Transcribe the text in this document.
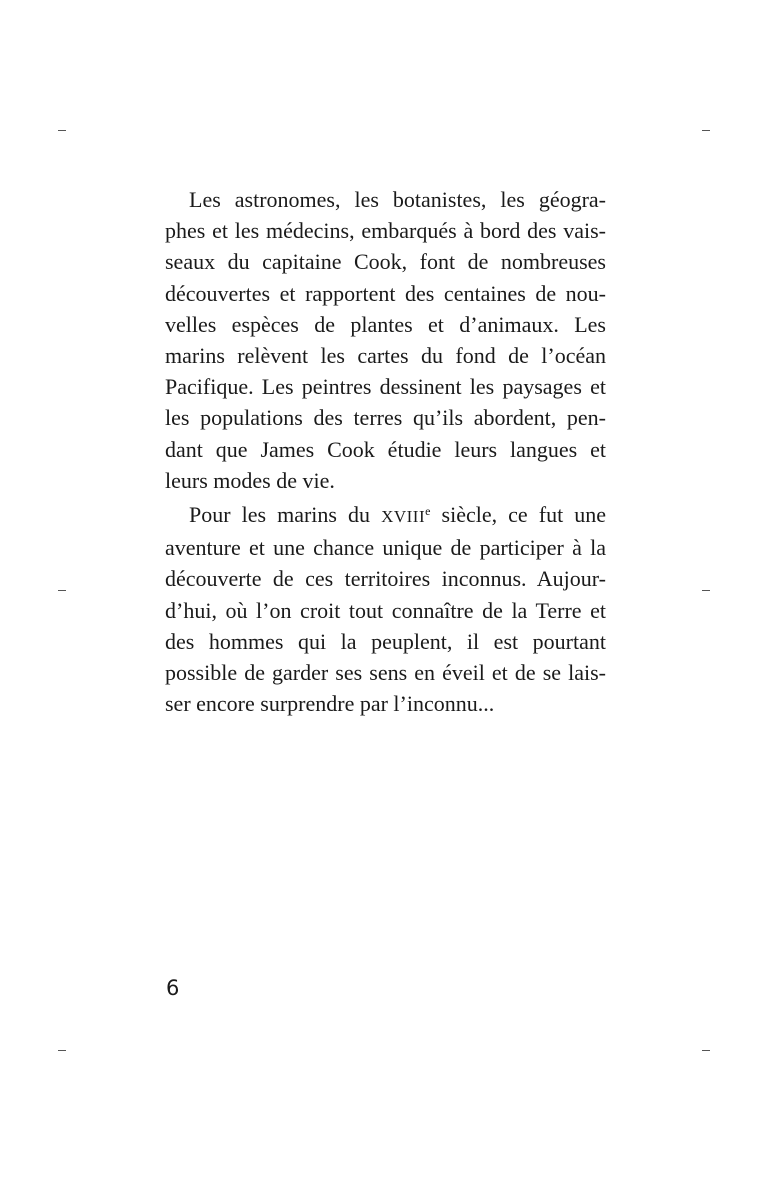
Les astronomes, les botanistes, les géogra-
phes et les médecins, embarqués à bord des vais-
seaux du capitaine Cook, font de nombreuses
découvertes et rapportent des centaines de nou-
velles espèces de plantes et d’animaux. Les
marins relèvent les cartes du fond de l’océan
Pacifique. Les peintres dessinent les paysages et
les populations des terres qu’ils abordent, pen-
dant que James Cook étudie leurs langues et
leurs modes de vie.
Pour les marins du XVIIIe siècle, ce fut une
aventure et une chance unique de participer à la
découverte de ces territoires inconnus. Aujour-
d’hui, où l’on croit tout connaître de la Terre et
des hommes qui la peuplent, il est pourtant
possible de garder ses sens en éveil et de se lais-
ser encore surprendre par l’inconnu...
6
